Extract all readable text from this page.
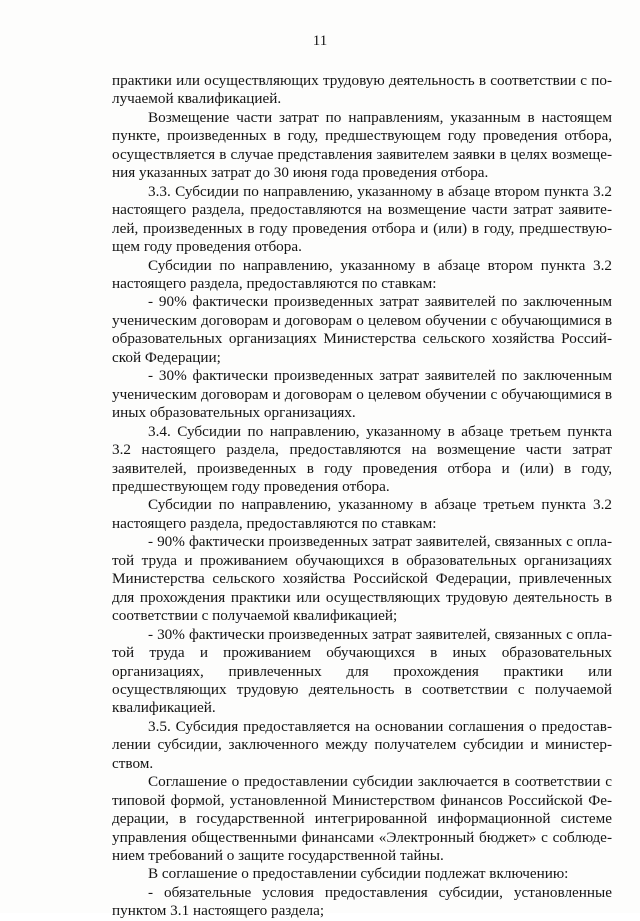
11

практики или осуществляющих трудовую деятельность в соответствии с получаемой квалификацией.

Возмещение части затрат по направлениям, указанным в настоящем пункте, произведенных в году, предшествующем году проведения отбора, осуществляется в случае представления заявителем заявки в целях возмещения указанных затрат до 30 июня года проведения отбора.

3.3. Субсидии по направлению, указанному в абзаце втором пункта 3.2 настоящего раздела, предоставляются на возмещение части затрат заявителей, произведенных в году проведения отбора и (или) в году, предшествующем году проведения отбора.

Субсидии по направлению, указанному в абзаце втором пункта 3.2 настоящего раздела, предоставляются по ставкам:

- 90% фактически произведенных затрат заявителей по заключенным ученическим договорам и договорам о целевом обучении с обучающимися в образовательных организациях Министерства сельского хозяйства Российской Федерации;

- 30% фактически произведенных затрат заявителей по заключенным ученическим договорам и договорам о целевом обучении с обучающимися в иных образовательных организациях.

3.4. Субсидии по направлению, указанному в абзаце третьем пункта 3.2 настоящего раздела, предоставляются на возмещение части затрат заявителей, произведенных в году проведения отбора и (или) в году, предшествующем году проведения отбора.

Субсидии по направлению, указанному в абзаце третьем пункта 3.2 настоящего раздела, предоставляются по ставкам:

- 90% фактически произведенных затрат заявителей, связанных с оплатой труда и проживанием обучающихся в образовательных организациях Министерства сельского хозяйства Российской Федерации, привлеченных для прохождения практики или осуществляющих трудовую деятельность в соответствии с получаемой квалификацией;

- 30% фактически произведенных затрат заявителей, связанных с оплатой труда и проживанием обучающихся в иных образовательных организациях, привлеченных для прохождения практики или осуществляющих трудовую деятельность в соответствии с получаемой квалификацией.

3.5. Субсидия предоставляется на основании соглашения о предоставлении субсидии, заключенного между получателем субсидии и министерством.

Соглашение о предоставлении субсидии заключается в соответствии с типовой формой, установленной Министерством финансов Российской Федерации, в государственной интегрированной информационной системе управления общественными финансами «Электронный бюджет» с соблюдением требований о защите государственной тайны.

В соглашение о предоставлении субсидии подлежат включению:

- обязательные условия предоставления субсидии, установленные пунктом 3.1 настоящего раздела;
